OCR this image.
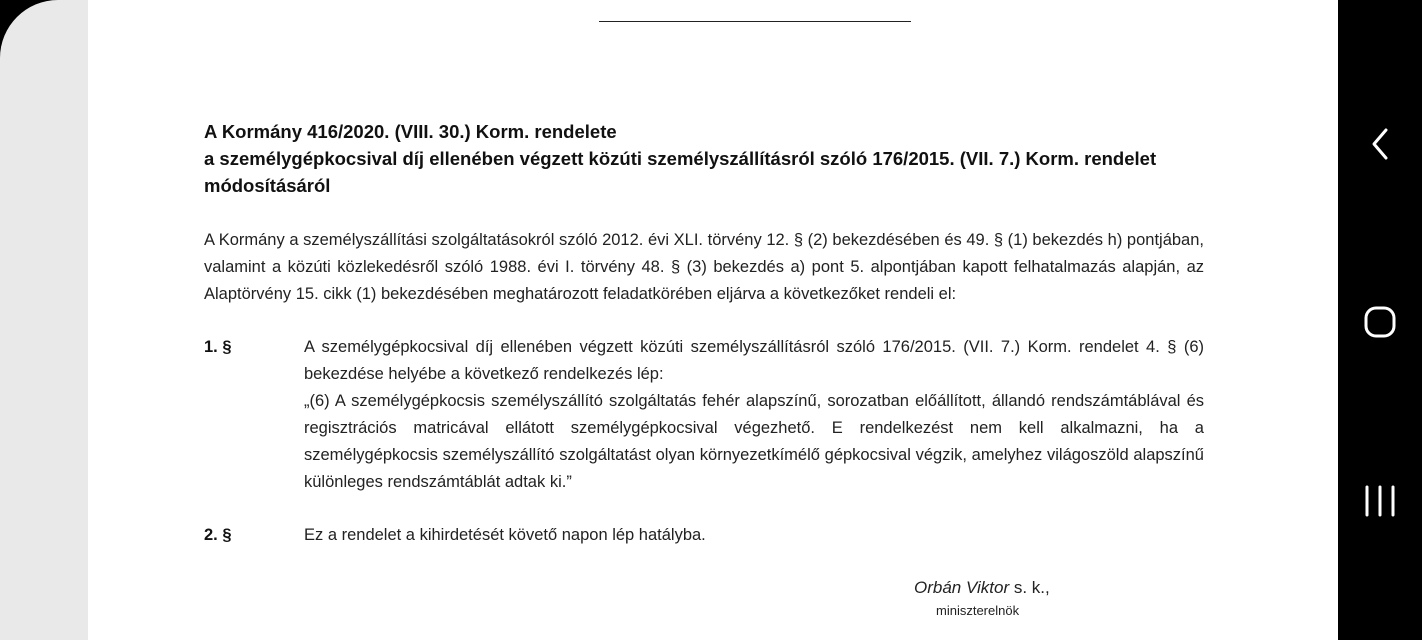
A Kormány 416/2020. (VIII. 30.) Korm. rendelete
a személygépkocsival díj ellenében végzett közúti személyszállításról szóló 176/2015. (VII. 7.) Korm. rendelet
módosításáról
A Kormány a személyszállítási szolgáltatásokról szóló 2012. évi XLI. törvény 12. § (2) bekezdésében és 49. § (1) bekezdés h) pontjában, valamint a közúti közlekedésről szóló 1988. évi I. törvény 48. § (3) bekezdés a) pont 5. alpontjában kapott felhatalmazás alapján, az Alaptörvény 15. cikk (1) bekezdésében meghatározott feladatkörében eljárva a következőket rendeli el:
1. §	A személygépkocsival díj ellenében végzett közúti személyszállításról szóló 176/2015. (VII. 7.) Korm. rendelet 4. § (6) bekezdése helyébe a következő rendelkezés lép:
„(6) A személygépkocsis személyszállító szolgáltatás fehér alapszínű, sorozatban előállított, állandó rendszámtáblával és regisztrációs matricával ellátott személygépkocsival végezhető. E rendelkezést nem kell alkalmazni, ha a személygépkocsis személyszállító szolgáltatást olyan környezetkímélő gépkocsival végzik, amelyhez világoszöld alapszínű különleges rendszámtáblát adtak ki.”
2. §	Ez a rendelet a kihirdetését követő napon lép hatályba.
Orbán Viktor s. k.,
miniszterelnök
